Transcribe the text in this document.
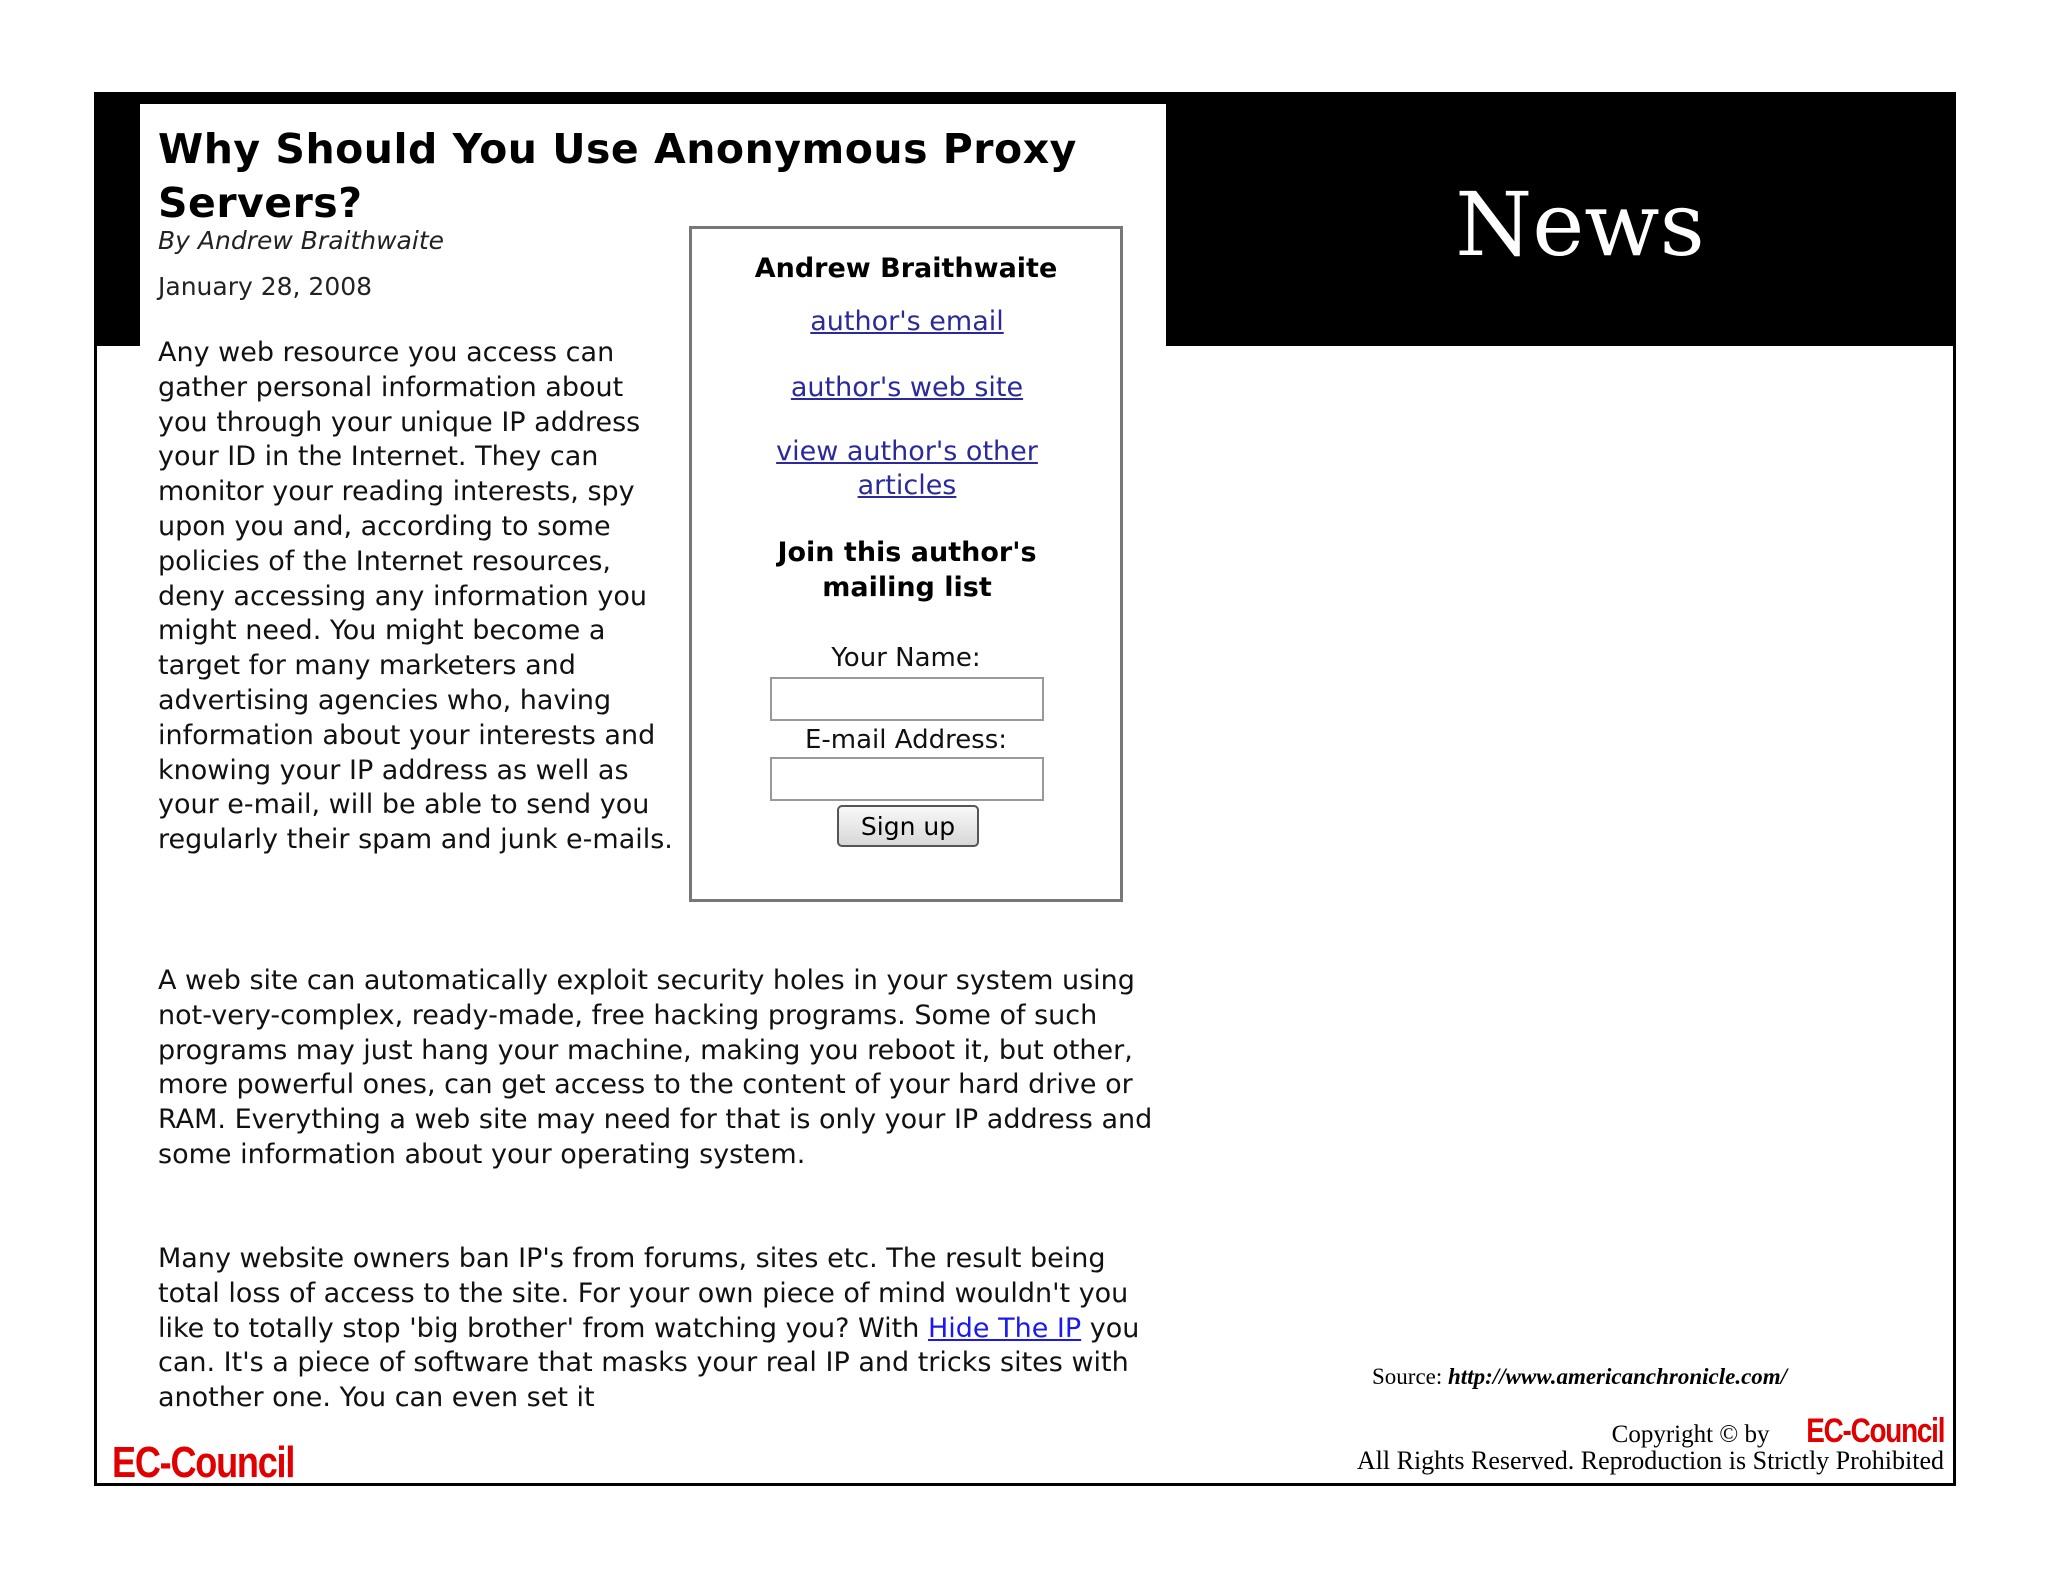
News
Why Should You Use Anonymous Proxy Servers?
By Andrew Braithwaite
January 28, 2008

Any web resource you access can gather personal information about you through your unique IP address your ID in the Internet. They can monitor your reading interests, spy upon you and, according to some policies of the Internet resources, deny accessing any information you might need. You might become a target for many marketers and advertising agencies who, having information about your interests and knowing your IP address as well as your e-mail, will be able to send you regularly their spam and junk e-mails.

A web site can automatically exploit security holes in your system using not-very-complex, ready-made, free hacking programs. Some of such programs may just hang your machine, making you reboot it, but other, more powerful ones, can get access to the content of your hard drive or RAM. Everything a web site may need for that is only your IP address and some information about your operating system.

Many website owners ban IP's from forums, sites etc. The result being total loss of access to the site. For your own piece of mind wouldn't you like to totally stop 'big brother' from watching you? With Hide The IP you can. It's a piece of software that masks your real IP and tricks sites with another one. You can even set it

Andrew Braithwaite
author's email
author's web site
view author's other articles
Join this author's mailing list
Your Name:
E-mail Address:
Sign up
EC-Council
Source: http://www.americanchronicle.com/
Copyright © by EC-Council
All Rights Reserved. Reproduction is Strictly Prohibited
